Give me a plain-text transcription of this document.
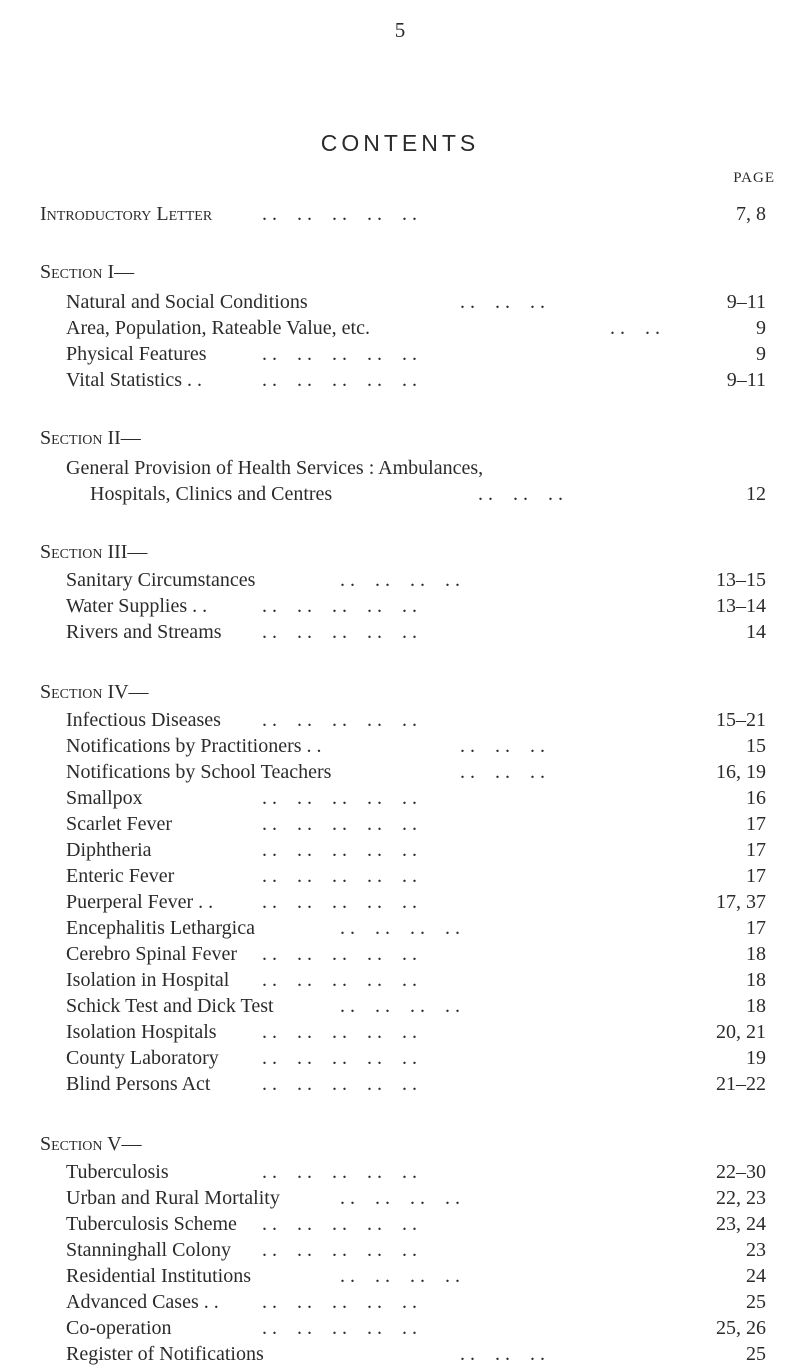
5
CONTENTS
PAGE
Introductory Letter . .    . .    . .    . .    . .	7, 8
Section I—
Natural and Social Conditions	. .    . .    . .	9–11
Area, Population, Rateable Value, etc.	. .    . .	9
Physical Features	. .    . .    . .    . .    . .	9
Vital Statistics . .	. .    . .    . .    . .    . .	9–11
Section II—
General Provision of Health Services : Ambulances,
Hospitals, Clinics and Centres	. .    . .    . .	12
Section III—
Sanitary Circumstances	. .    . .    . .    . .	13–15
Water Supplies . .	. .    . .    . .    . .    . .	13–14
Rivers and Streams . .    . .    . .    . .    . .	14
Section IV—
Infectious Diseases . .    . .    . .    . .    . .	15–21
Notifications by Practitioners . .	. .    . .    . .	15
Notifications by School Teachers	. .    . .    . .	16, 19
Smallpox	. .    . .    . .    . .    . .	16
Scarlet Fever	. .    . .    . .    . .    . .	17
Diphtheria	. .    . .    . .    . .    . .	17
Enteric Fever	. .    . .    . .    . .    . .	17
Puerperal Fever . . . .    . .    . .    . .    . .	17, 37
Encephalitis Lethargica	. .    . .    . .    . .	17
Cerebro Spinal Fever . .    . .    . .    . .    . .	18
Isolation in Hospital . .    . .    . .    . .    . .	18
Schick Test and Dick Test	. .    . .    . .    . .	18
Isolation Hospitals . .    . .    . .    . .    . .	20, 21
County Laboratory . .    . .    . .    . .    . .	19
Blind Persons Act	. .    . .    . .    . .    . .	21–22
Section V—
Tuberculosis	. .    . .    . .    . .    . .	22–30
Urban and Rural Mortality	. .    . .    . .    . .	22, 23
Tuberculosis Scheme . .    . .    . .    . .    . .	23, 24
Stanninghall Colony . .    . .    . .    . .    . .	23
Residential Institutions	. .    . .    . .    . .	24
Advanced Cases . . . .    . .    . .    . .    . .	25
Co-operation	. .    . .    . .    . .    . .	25, 26
Register of Notifications	. .    . .    . .	25
